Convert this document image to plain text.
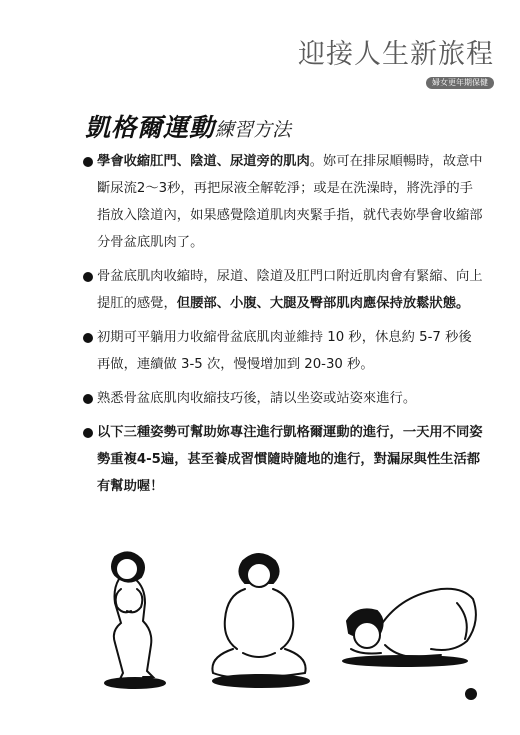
迎接人生新旅程
婦女更年期保健
凱格爾運動練習方法
學會收縮肛門、陰道、尿道旁的肌肉。妳可在排尿順暢時，故意中斷尿流2～3秒，再把尿液全解乾淨；或是在洗澡時，將洗淨的手指放入陰道內，如果感覺陰道肌肉夾緊手指，就代表妳學會收縮部分骨盆底肌肉了。
骨盆底肌肉收縮時，尿道、陰道及肛門口附近肌肉會有緊縮、向上提肛的感覺，但腰部、小腹、大腿及臀部肌肉應保持放鬆狀態。
初期可平躺用力收縮骨盆底肌肉並維持 10 秒，休息約 5-7 秒後再做，連續做 3-5 次，慢慢增加到 20-30 秒。
熟悉骨盆底肌肉收縮技巧後，請以坐姿或站姿來進行。
以下三種姿勢可幫助妳專注進行凱格爾運動的進行，一天用不同姿勢重複4-5遍，甚至養成習慣隨時隨地的進行，對漏尿與性生活都有幫助喔！
